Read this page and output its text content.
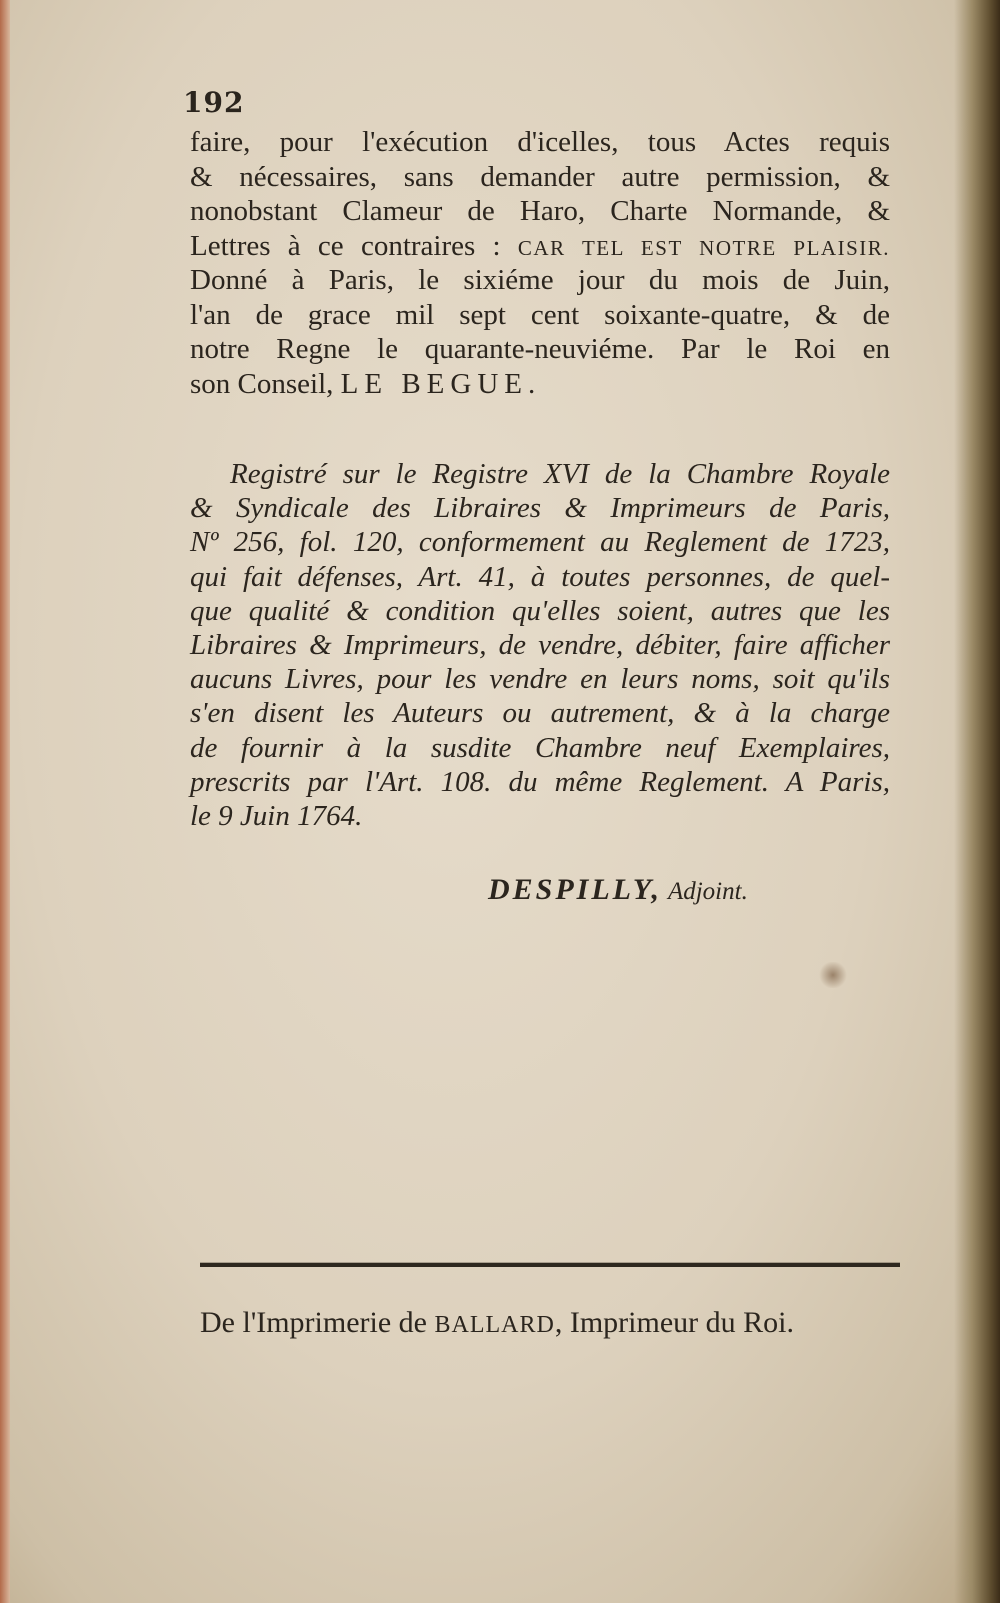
192
faire, pour l'exécution d'icelles, tous Actes requis
& nécessaires, sans demander autre permission, &
nonobstant Clameur de Haro, Charte Normande, &
Lettres à ce contraires : CAR TEL EST NOTRE PLAISIR.
Donné à Paris, le sixiéme jour du mois de Juin,
l'an de grace mil sept cent soixante-quatre, & de
notre Regne le quarante-neuviéme. Par le Roi en
son Conseil, LE BEGUE.
Registré sur le Registre XVI de la Chambre Royale
& Syndicale des Libraires & Imprimeurs de Paris,
Nº 256, fol. 120, conformement au Reglement de 1723,
qui fait défenses, Art. 41, à toutes personnes, de quel-
que qualité & condition qu'elles soient, autres que les
Libraires & Imprimeurs, de vendre, débiter, faire afficher
aucuns Livres, pour les vendre en leurs noms, soit qu'ils
s'en disent les Auteurs ou autrement, & à la charge
de fournir à la susdite Chambre neuf Exemplaires,
prescrits par l'Art. 108. du même Reglement. A Paris,
le 9 Juin 1764.
DESPILLY, Adjoint.
De l'Imprimerie de BALLARD, Imprimeur du Roi.
